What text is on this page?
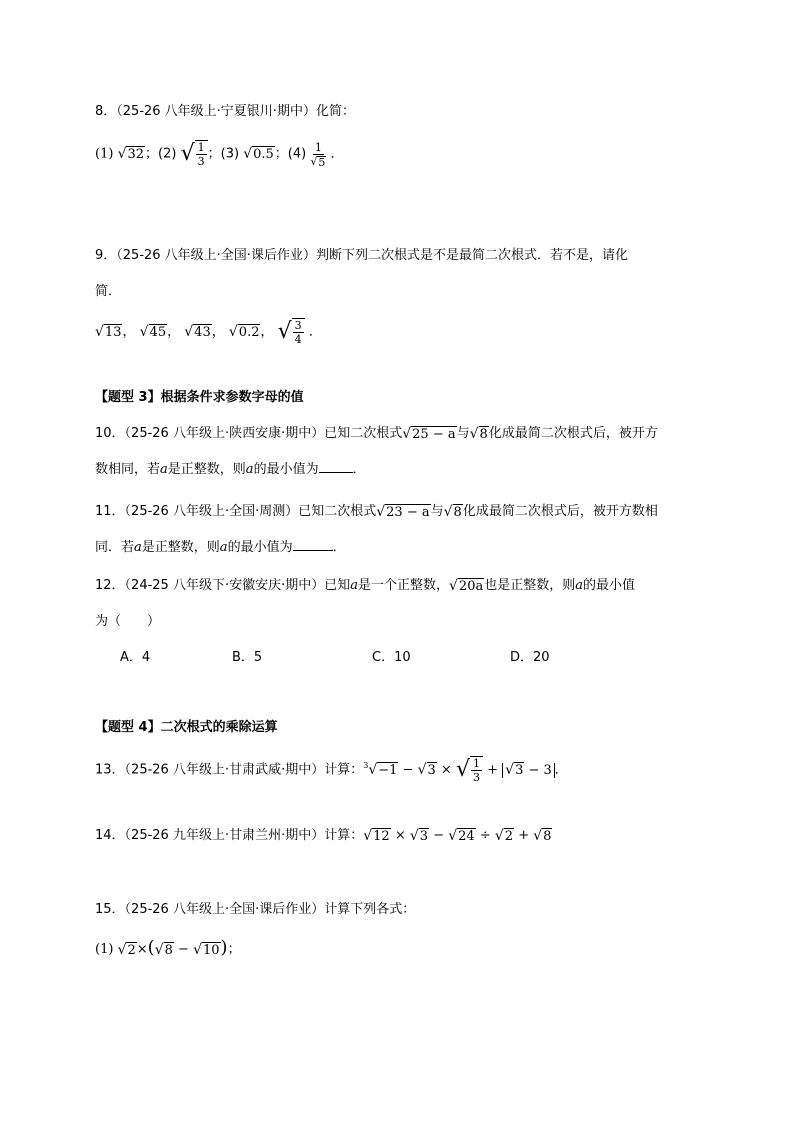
8．（25-26 八年级上·宁夏银川·期中）化简：
(1) √ 32 ；(2) √ $\frac{1}{3}$ ；(3) √ 0.5 ；$(4) \frac{1}{√ 5}$ ．
9．（25-26 八年级上·全国·课后作业）判断下列二次根式是不是最简二次根式．若不是，请化
简．
√ 13 ， √ 45 ， √ 43 ， √ 0.2 ， √ $\frac{3}{4}$ ．
【题型 3】根据条件求参数字母的值
10．（25-26 八年级上·陕西安康·期中）已知二次根式 √ 25 − a 与 √ 8 化成最简二次根式后，被开方
数相同，若a是正整数，则a的最小值为	．
11．（25-26 八年级上·全国·周测）已知二次根式 √ 23 − a 与 √ 8 化成最简二次根式后，被开方数相
同．若a是正整数，则a的最小值为	．
12．（24-25 八年级下·安徽安庆·期中）已知a是一个正整数， √ 20a 也是正整数，则a的最小值
为（　　）
A．4	B．5	C．10	D．20
【题型 4】二次根式的乘除运算
13．（25-26 八年级上·甘肃武威·期中）计算：$^3$ √ −1 − √ 3 × √ $\frac{1}{3}$ + √ 3 − 3 ．
14．（25-26 九年级上·甘肃兰州·期中）计算： √ 12 × √ 3 − √ 24 ÷ √ 2 + √ 8
15．（25-26 八年级上·全国·课后作业）计算下列各式：
(1) √ 2 ×( √ 8 − √ 10 )；
